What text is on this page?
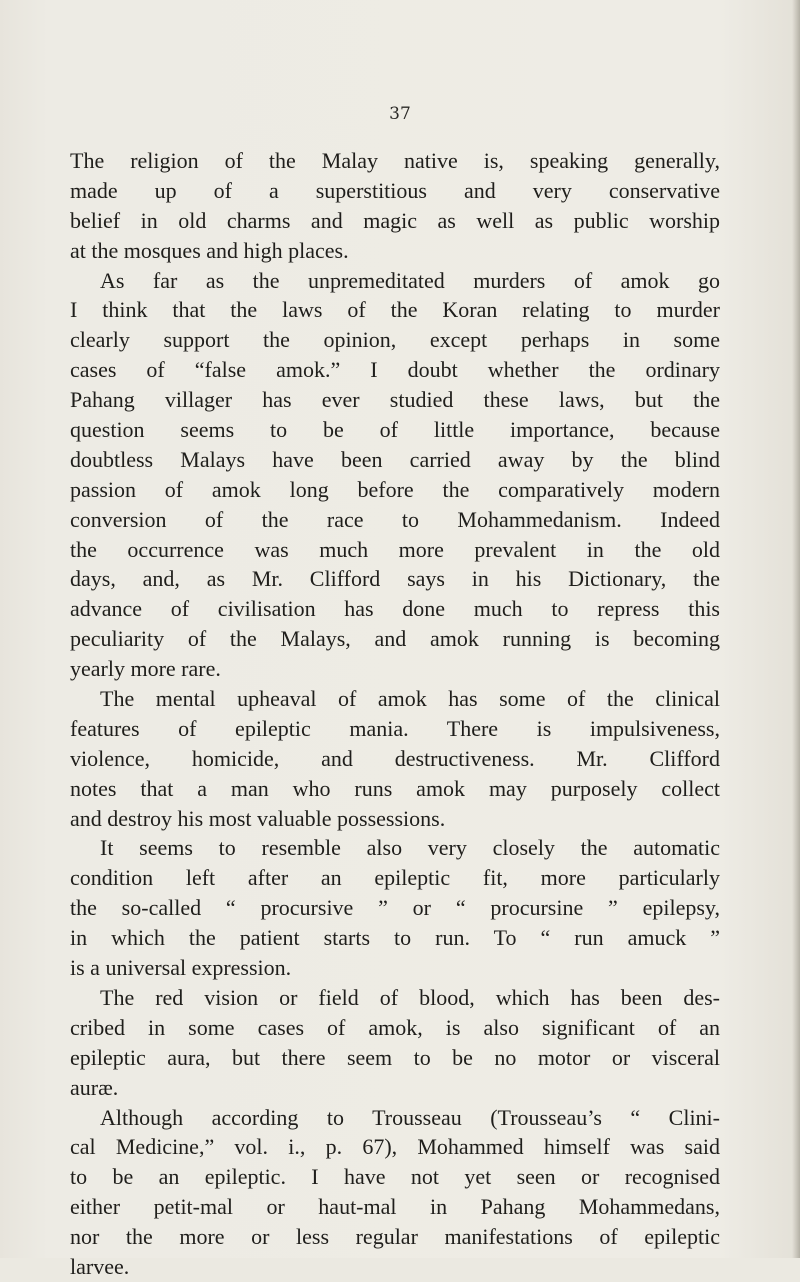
37
The religion of the Malay native is, speaking generally,
made up of a superstitious and very conservative
belief in old charms and magic as well as public worship
at the mosques and high places.
As far as the unpremeditated murders of amok go
I think that the laws of the Koran relating to murder
clearly support the opinion, except perhaps in some
cases of “false amok.” I doubt whether the ordinary
Pahang villager has ever studied these laws, but the
question seems to be of little importance, because
doubtless Malays have been carried away by the blind
passion of amok long before the comparatively modern
conversion of the race to Mohammedanism. Indeed
the occurrence was much more prevalent in the old
days, and, as Mr. Clifford says in his Dictionary, the
advance of civilisation has done much to repress this
peculiarity of the Malays, and amok running is becoming
yearly more rare.
The mental upheaval of amok has some of the clinical
features of epileptic mania. There is impulsiveness,
violence, homicide, and destructiveness. Mr. Clifford
notes that a man who runs amok may purposely collect
and destroy his most valuable possessions.
It seems to resemble also very closely the automatic
condition left after an epileptic fit, more particularly
the so-called “ procursive ” or “ procursine ” epilepsy,
in which the patient starts to run. To “ run amuck ”
is a universal expression.
The red vision or field of blood, which has been des-
cribed in some cases of amok, is also significant of an
epileptic aura, but there seem to be no motor or visceral
auræ.
Although according to Trousseau (Trousseau’s “ Clini-
cal Medicine,” vol. i., p. 67), Mohammed himself was said
to be an epileptic. I have not yet seen or recognised
either petit-mal or haut-mal in Pahang Mohammedans,
nor the more or less regular manifestations of epileptic
larvee.
